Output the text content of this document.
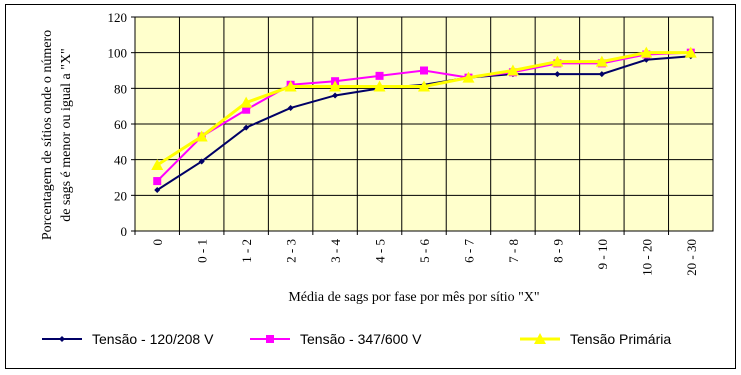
0
20
40
60
80
100
120
0 0 - 1 1 - 2 2 - 3 3 - 4 4 - 5 5 - 6 6 - 7 7 - 8 8 - 9 9 - 10 10 - 20 20 - 30
Média de sags por fase por mês por sítio "X"
Porcentagem de sítios onde o número de sags é menor ou igual a "X"
Tensão - 120/208 V	Tensão - 347/600 V	Tensão Primária
